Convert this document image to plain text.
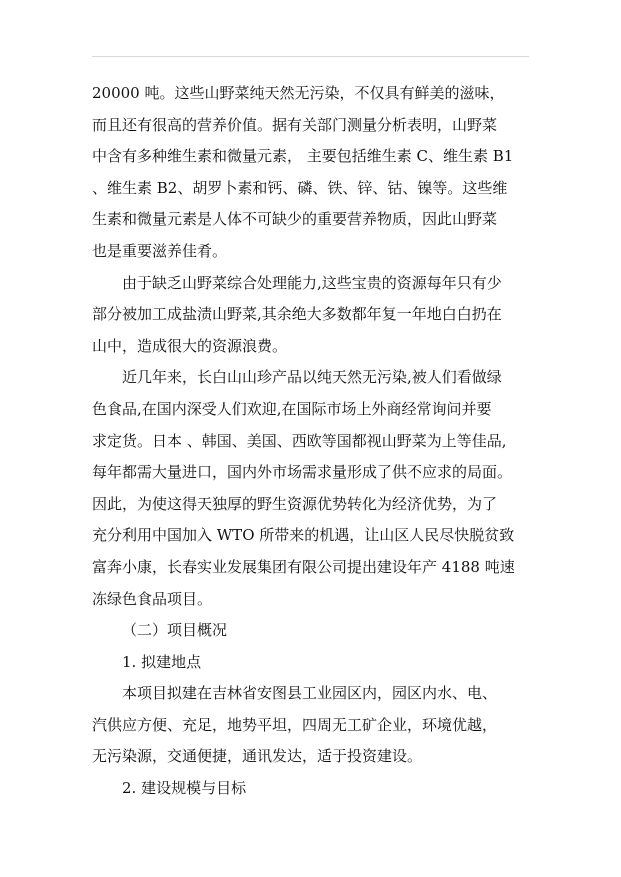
20000 吨。这些山野菜纯天然无污染，不仅具有鲜美的滋味，
而且还有很高的营养价值。据有关部门测量分析表明，山野菜
中含有多种维生素和微量元素， 主要包括维生素 C、维生素 B1
、维生素 B2、胡罗卜素和钙、磷、铁、锌、钴、镍等。这些维
生素和微量元素是人体不可缺少的重要营养物质，因此山野菜
也是重要滋养佳肴。
由于缺乏山野菜综合处理能力,这些宝贵的资源每年只有少
部分被加工成盐渍山野菜,其余绝大多数都年复一年地白白扔在
山中，造成很大的资源浪费。
近几年来，长白山山珍产品以纯天然无污染,被人们看做绿
色食品,在国内深受人们欢迎,在国际市场上外商经常询问并要
求定货。日本 、韩国、美国、西欧等国都视山野菜为上等佳品,
每年都需大量进口，国内外市场需求量形成了供不应求的局面。
因此，为使这得天独厚的野生资源优势转化为经济优势，为了
充分利用中国加入 WTO 所带来的机遇，让山区人民尽快脱贫致
富奔小康，长春实业发展集团有限公司提出建设年产 4188 吨速
冻绿色食品项目。
（二）项目概况
1. 拟建地点
本项目拟建在吉林省安图县工业园区内，园区内水、电、
汽供应方便、充足，地势平坦，四周无工矿企业，环境优越，
无污染源，交通便捷，通讯发达，适于投资建设。
2. 建设规模与目标
